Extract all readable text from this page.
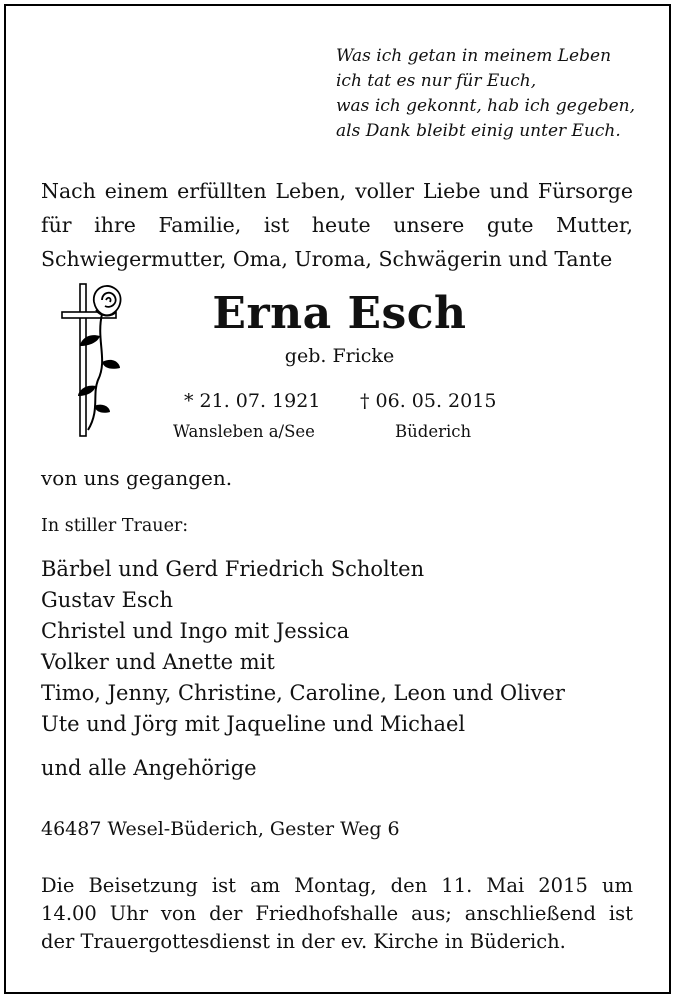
Was ich getan in meinem Leben
ich tat es nur für Euch,
was ich gekonnt, hab ich gegeben,
als Dank bleibt einig unter Euch.
Nach einem erfüllten Leben, voller Liebe und Fürsorge
für ihre Familie, ist heute unsere gute Mutter,
Schwiegermutter, Oma, Uroma, Schwägerin und Tante
Erna Esch
geb. Fricke
* 21. 07. 1921 † 06. 05. 2015
Wansleben a/See	Büderich
von uns gegangen.
In stiller Trauer:
Bärbel und Gerd Friedrich Scholten
Gustav Esch
Christel und Ingo mit Jessica
Volker und Anette mit
Timo, Jenny, Christine, Caroline, Leon und Oliver
Ute und Jörg mit Jaqueline und Michael
und alle Angehörige
46487 Wesel-Büderich, Gester Weg 6
Die Beisetzung ist am Montag, den 11. Mai 2015 um
14.00 Uhr von der Friedhofshalle aus; anschließend ist
der Trauergottesdienst in der ev. Kirche in Büderich.
